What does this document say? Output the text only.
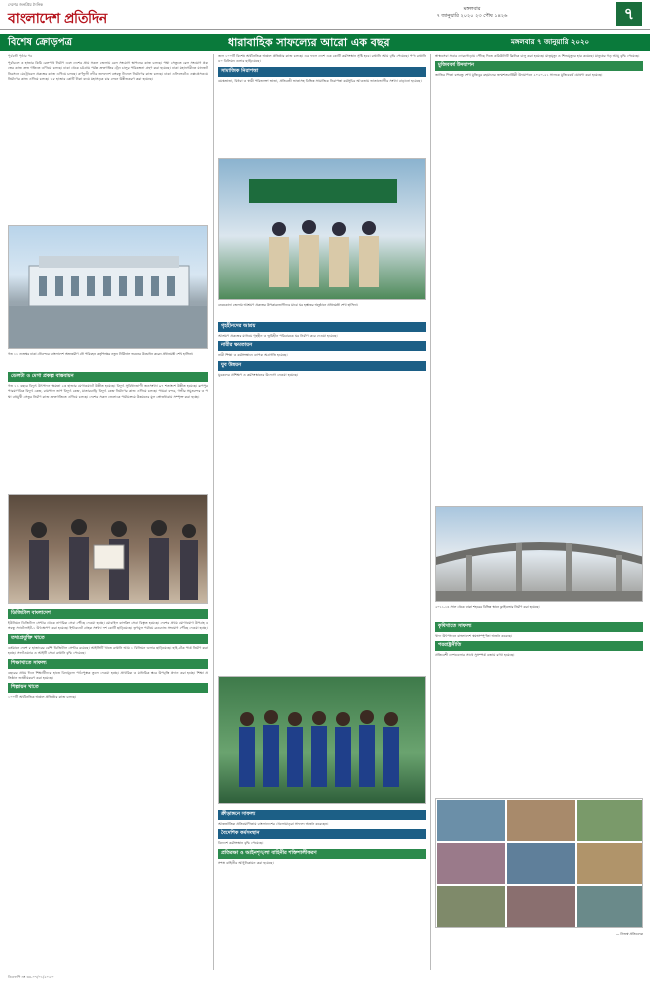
দেশের জনপ্রিয় দৈনিক
বাংলাদেশ প্রতিদিন
মঙ্গলবার
৭ জানুয়ারি ২০২০ ২৩ পৌষ ১৪২৬	৭
বিশেষ ক্রোড়পত্র	ধারাবাহিক সাফল্যের আরো এক বছর	মঙ্গলবার ৭ জানুয়ারি ২০২০
পূর্ববর্তী পৃষ্ঠার পর
পূর্বাচলে ৩ হাজার কিমি রেলপথ নির্মাণ এবং দেশের প্রায় সকল জেলায় রেল সংযোগ স্থাপনের কাজ চলছে। পদ্মা সেতুতে রেল সংযোগ প্রকল্পের কাজ দ্রুত গতিতে এগিয়ে চলছে। ঢাকা থেকে চট্টগ্রাম পর্যন্ত দ্রুতগতির ট্রেন চালুর পরিকল্পনা গ্রহণ করা হয়েছে। ঢাকা মহানগরীতে যানজট নিরসনে মেট্রোরেল প্রকল্পের কাজ এগিয়ে চলছে। কর্ণফুলী নদীর তলদেশে বঙ্গবন্ধু টানেল নির্মাণের কাজ চলছে। ঢাকা এলিভেটেড এক্সপ্রেসওয়ে নির্মাণের কাজ এগিয়ে চলছে। ১৮ হাজার কোটি টাকা ব্যয়ে মহাসড়ক চার লেনে উন্নীতকরণ করা হয়েছে।
গত ১১ নভেম্বর ঢাকা নৌবন্দরে বাংলাদেশ অভ্যন্তরীণ নৌ পরিবহন কর্তৃপক্ষের নতুন টার্মিনাল ভবনের উদ্বোধন করেন প্রধানমন্ত্রী শেখ হাসিনা।
ডেলটা ও মেগা প্রকল্প বাস্তবায়ন
গত ১১ বছরে বিদ্যুৎ উৎপাদন ক্ষমতা ২৩ হাজার মেগাওয়াটে উন্নীত হয়েছে। বিদ্যুৎ সুবিধাভোগী জনসংখ্যা ৯৭ শতাংশে উন্নীত হয়েছে। রূপপুর পারমাণবিক বিদ্যুৎ কেন্দ্র, রামপাল তাপ বিদ্যুৎ কেন্দ্র, মাতারবাড়ি বিদ্যুৎ কেন্দ্র নির্মাণের কাজ এগিয়ে চলছে। পায়রা বন্দর, গভীর সমুদ্রবন্দর ও পদ্মা বহুমুখী সেতুর নির্মাণ কাজ দ্রুতগতিতে এগিয়ে চলছে। দেশের সকল জেলাকে পর্যায়ক্রমে উন্নয়নের মূল স্রোতধারায় সম্পৃক্ত করা হচ্ছে।
ডিজিটাল বাংলাদেশ
ইউনিয়ন ডিজিটাল সেন্টার থেকে নাগরিক সেবা পৌঁছে দেওয়া হচ্ছে। মোবাইল ব্যাংকিং সেবা বিস্তৃত হয়েছে। দেশের প্রথম যোগাযোগ উপগ্রহ বঙ্গবন্ধু স্যাটেলাইট-১ উৎক্ষেপণ করা হয়েছে। ইন্টারনেট গ্রাহক সংখ্যা দশ কোটি ছাড়িয়েছে। তৃণমূল পর্যায়ে ব্রডব্যান্ড সংযোগ পৌঁছে দেওয়া হচ্ছে।
তথ্যপ্রযুক্তি খাতে
বর্তমানে দেশে ৮ হাজারের বেশি ডিজিটাল সেন্টার রয়েছে। আইসিটি খাতে রপ্তানি আয় ১ বিলিয়ন ডলার ছাড়িয়েছে। হাই-টেক পার্ক নির্মাণ করা হচ্ছে। সফটওয়্যার ও আইটি সেবা রপ্তানি বৃদ্ধি পেয়েছে।
শিক্ষাখাতে সাফল্য
বছরের প্রথম দিনে শিক্ষার্থীদের হাতে বিনামূল্যে পাঠ্যপুস্তক তুলে দেওয়া হচ্ছে। প্রাথমিক ও মাধ্যমিক স্তরে উপবৃত্তি প্রদান করা হচ্ছে। শিক্ষা প্রতিষ্ঠান জাতীয়করণ করা হয়েছে।
শিল্পায়ন খাতে
১০০টি অর্থনৈতিক অঞ্চল প্রতিষ্ঠার কাজ চলছে।
ডিএফপি নং ৩৪-০৭/০১/২০২০
জল ১০০টি বিশেষ অর্থনৈতিক অঞ্চল প্রতিষ্ঠার কাজ চলছে। এর ফলে দেশে এক কোটি কর্মসংস্থান সৃষ্টি হবে। রপ্তানি আয় বৃদ্ধি পেয়েছে। পণ্য রপ্তানি ৪০ বিলিয়ন ডলার ছাড়িয়েছে।
সামাজিক নিরাপত্তা
বয়স্কভাতা, বিধবা ও স্বামী পরিত্যক্তা ভাতা, প্রতিবন্ধী ভাতাসহ বিভিন্ন সামাজিক নিরাপত্তা কর্মসূচির আওতায় ভাতাভোগীর সংখ্যা বাড়ানো হয়েছে।
নেত্রকোনা জেলায় আশ্রয়ণ প্রকল্পের উপকারভোগীদের মাঝে ঘর হস্তান্তর অনুষ্ঠানে প্রধানমন্ত্রী শেখ হাসিনা।
গৃহহীনদের আশ্রয়
আশ্রয়ণ প্রকল্পের মাধ্যমে গৃহহীন ও ভূমিহীন পরিবারকে ঘর নির্মাণ করে দেওয়া হয়েছে।
নারীর ক্ষমতায়ন
নারী শিক্ষা ও কর্মসংস্থানে ব্যাপক অগ্রগতি হয়েছে।
যুব উন্নয়ন
যুবকদের প্রশিক্ষণ ও কর্মসংস্থানের উদ্যোগ নেওয়া হয়েছে।
ক্রীড়াঙ্গনে সাফল্য
আন্তর্জাতিক প্রতিযোগিতায় বাংলাদেশের খেলোয়াড়রা সাফল্য অর্জন করেছেন।
বৈদেশিক কর্মসংস্থান
বিদেশে কর্মসংস্থান বৃদ্ধি পেয়েছে।
প্রতিরক্ষা ও আইনশৃঙ্খলা বাহিনীর শক্তিশালীকরণ
সশস্ত্র বাহিনীর আধুনিকায়ন করা হয়েছে।
স্বাস্থ্যসেবা সবার দোরগোড়ায় পৌঁছে দিতে কমিউনিটি ক্লিনিক চালু করা হয়েছে। মাতৃমৃত্যু ও শিশুমৃত্যুর হার কমেছে। মানুষের গড় আয়ু বৃদ্ধি পেয়েছে।
মুজিববর্ষ উদযাপন
জাতির পিতা বঙ্গবন্ধু শেখ মুজিবুর রহমানের জন্মশতবার্ষিকী উদযাপনে ২০২০-২১ সালকে মুজিববর্ষ ঘোষণা করা হয়েছে।
২০১১-১৪ সাল থেকে ঢাকা শহরের বিভিন্ন স্থানে ফ্লাইওভার নির্মাণ করা হয়েছে।
কৃষিখাতে সাফল্য
খাদ্য উৎপাদনে বাংলাদেশ স্বয়ংসম্পূর্ণতা অর্জন করেছে।
পররাষ্ট্রনীতি
প্রতিবেশী দেশগুলোর সাথে সুসম্পর্ক বজায় রাখা হয়েছে।
— নিজস্ব প্রতিবেদক
